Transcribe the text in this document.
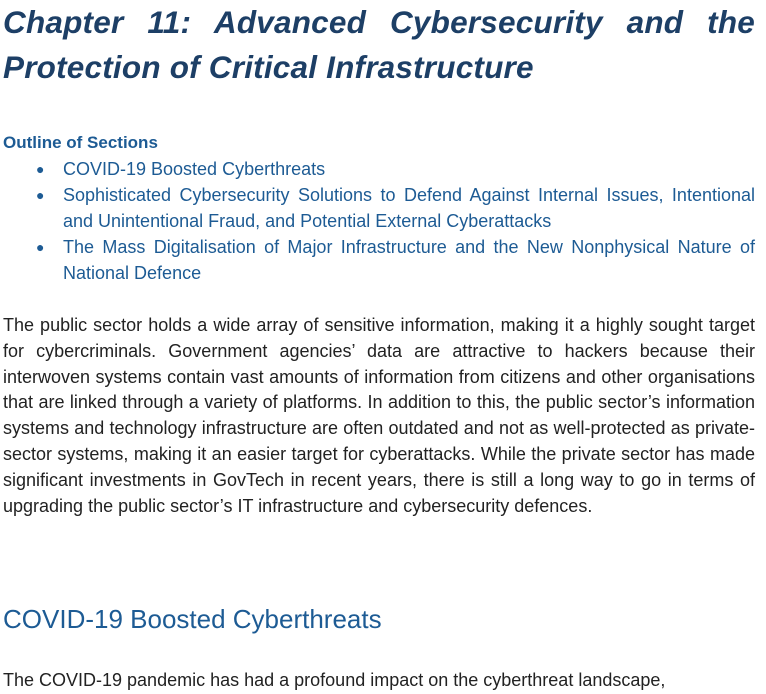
Chapter 11: Advanced Cybersecurity and the Protection of Critical Infrastructure
Outline of Sections
● COVID-19 Boosted Cyberthreats
● Sophisticated Cybersecurity Solutions to Defend Against Internal Issues, Intentional and Unintentional Fraud, and Potential External Cyberattacks
● The Mass Digitalisation of Major Infrastructure and the New Nonphysical Nature of National Defence

The public sector holds a wide array of sensitive information, making it a highly sought target for cybercriminals. Government agencies’ data are attractive to hackers because their interwoven systems contain vast amounts of information from citizens and other organisations that are linked through a variety of platforms. In addition to this, the public sector’s information systems and technology infrastructure are often outdated and not as well-protected as private-sector systems, making it an easier target for cyberattacks. While the private sector has made significant investments in GovTech in recent years, there is still a long way to go in terms of upgrading the public sector’s IT infrastructure and cybersecurity defences.

COVID-19 Boosted Cyberthreats

The COVID-19 pandemic has had a profound impact on the cyberthreat landscape,
